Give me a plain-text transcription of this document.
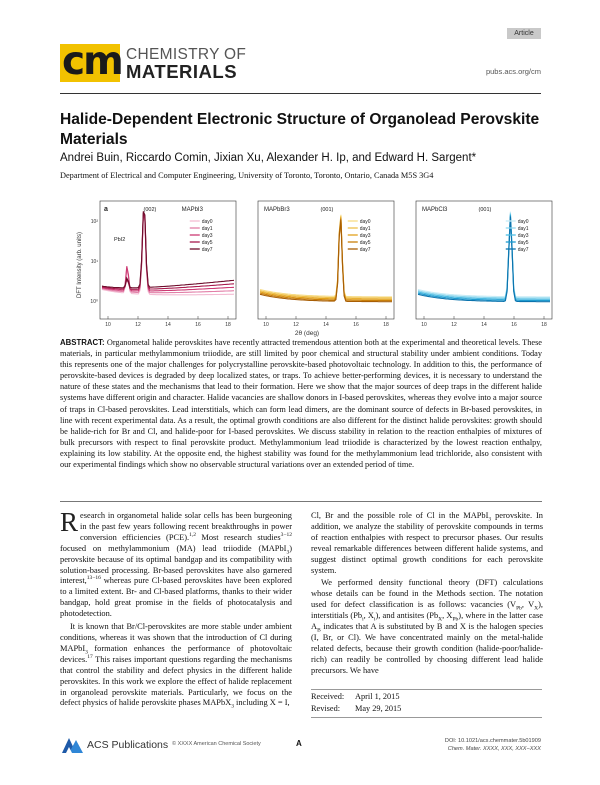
cm CHEMISTRY OF
MATERIALS
Article
pubs.acs.org/cm
Halide-Dependent Electronic Structure of Organolead Perovskite Materials
Andrei Buin, Riccardo Comin, Jixian Xu, Alexander H. Ip, and Edward H. Sargent*
Department of Electrical and Computer Engineering, University of Toronto, Toronto, Ontario, Canada M5S 3G4
DFT Intensity (arb. units)
2θ (deg)
10	12	14	16	18
10²
10¹
10⁰
a	MAPbI3
(002)
PbI2
day0
day1
day3
day5
day7
10	12	14	16	18
MAPbBr3	(001)
day0
day1
day3
day5
day7
10	12	14	16	18
MAPbCl3	(001)
day0
day1
day3
day5
day7
ABSTRACT: Organometal halide perovskites have recently attracted tremendous attention both at the experimental and theoretical levels. These materials, in particular methylammonium triiodide, are still limited by poor chemical and structural stability under ambient conditions. Today this represents one of the major challenges for polycrystalline perovskite-based photovoltaic technology. In addition to this, the performance of perovskite-based devices is degraded by deep localized states, or traps. To achieve better-performing devices, it is necessary to understand the nature of these states and the mechanisms that lead to their formation. Here we show that the major sources of deep traps in the different halide systems have different origin and character. Halide vacancies are shallow donors in I-based perovskites, whereas they evolve into a major source of traps in Cl-based perovskites. Lead interstitials, which can form lead dimers, are the dominant source of defects in Br-based perovskites, in line with recent experimental data. As a result, the optimal growth conditions are also different for the distinct halide perovskites: growth should be halide-rich for Br and Cl, and halide-poor for I-based perovskites. We discuss stability in relation to the reaction enthalpies of mixtures of bulk precursors with respect to final perovskite product. Methylammonium lead triiodide is characterized by the lowest reaction enthalpy, explaining its low stability. At the opposite end, the highest stability was found for the methylammonium lead trichloride, also consistent with our experimental findings which show no observable structural variations over an extended period of time.

Research in organometal halide solar cells has been burgeoning in the past few years following recent breakthroughs in power conversion efficiencies (PCE).$^{1,2}$ Most research studies$^{3-12}$ focused on methylammonium (MA) lead triiodide (MAPbI$_3$) perovskite because of its optimal bandgap and its compatibility with solution-based processing. Br-based perovskites have also garnered interest,$^{13-16}$ whereas pure Cl-based perovskites have been explored to a limited extent. Br- and Cl-based platforms, thanks to their wider bandgap, hold great promise in the fields of photocatalysis and photodetection.

It is known that Br/Cl-perovskites are more stable under ambient conditions, whereas it was shown that the introduction of Cl during MAPbI$_3$ formation enhances the performance of photovoltaic devices.$^{17}$ This raises important questions regarding the mechanisms that control the stability and defect physics in the different halide perovskites. In this work we explore the effect of halide replacement in organolead perovskite materials. Particularly, we focus on the defect physics of halide perovskite phases MAPbX$_3$ including X = I,

Cl, Br and the possible role of Cl in the MAPbI$_3$ perovskite. In addition, we analyze the stability of perovskite compounds in terms of reaction enthalpies with respect to precursor phases. Our results reveal remarkable differences between different halide systems, and suggest distinct optimal growth conditions for each perovskite system.

We performed density functional theory (DFT) calculations whose details can be found in the Methods section. The notation used for defect classification is as follows: vacancies ($V_{Pb}$, $V_X$), interstitials ($Pb_i$, $X_i$), and antisites ($Pb_X$, $X_{Pb}$), where in the latter case $A_B$ indicates that A is substituted by B and X is the halogen species (I, Br, or Cl). We have concentrated mainly on the metal-halide related defects, because their growth condition (halide-poor/halide-rich) can readily be controlled by choosing different lead halide precursors. We have

Received: April 1, 2015
Revised: May 29, 2015
ACS Publications © XXXX American Chemical Society	A	DOI: 10.1021/acs.chemmater.5b01909
Chem. Mater. XXXX, XXX, XXX−XXX
